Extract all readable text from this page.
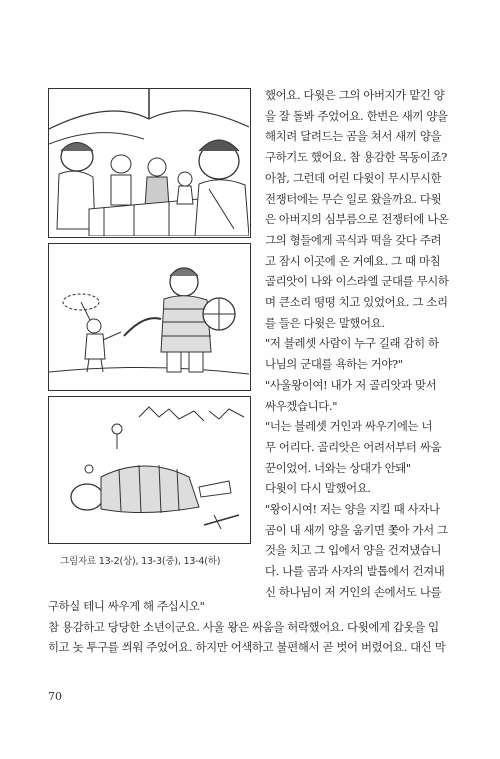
그림자료 13-2(상), 13-3(중), 13-4(하)

했어요. 다윗은 그의 아버지가 맡긴 양

을 잘 돌봐 주었어요. 한번은 새끼 양을

해치려 달려드는 곰을 쳐서 새끼 양을

구하기도 했어요. 참 용감한 목동이죠?

아참, 그런데 어린 다윗이 무시무시한

전쟁터에는 무슨 일로 왔을까요. 다윗

은 아버지의 심부름으로 전쟁터에 나온

그의 형들에게 곡식과 떡을 갖다 주려

고 잠시 이곳에 온 거예요. 그 때 마침

골리앗이 나와 이스라엘 군대를 무시하

며 큰소리 떵떵 치고 있었어요. 그 소리

를 들은 다윗은 말했어요.

"저 블레셋 사람이 누구 길래 감히 하

나님의 군대를 욕하는 거야?"

"사울왕이여! 내가 저 골리앗과 맞서

싸우겠습니다."

"너는 블레셋 거인과 싸우기에는 너

무 어리다. 골리앗은 어려서부터 싸움

꾼이었어. 너와는 상대가 안돼"

다윗이 다시 말했어요.

"왕이시여! 저는 양을 지킬 때 사자나

곰이 내 새끼 양을 움키면 쫓아 가서 그

것을 치고 그 입에서 양을 건져냈습니

다. 나를 곰과 사자의 발톱에서 건져내

신 하나님이 저 거인의 손에서도 나를

구하실 테니 싸우게 해 주십시오"

참 용감하고 당당한 소년이군요. 사울 왕은 싸움을 허락했어요. 다윗에게 갑옷을 입

히고 놋 투구를 씌워 주었어요. 하지만 어색하고 불편해서 곧 벗어 버렸어요. 대신 막

70
